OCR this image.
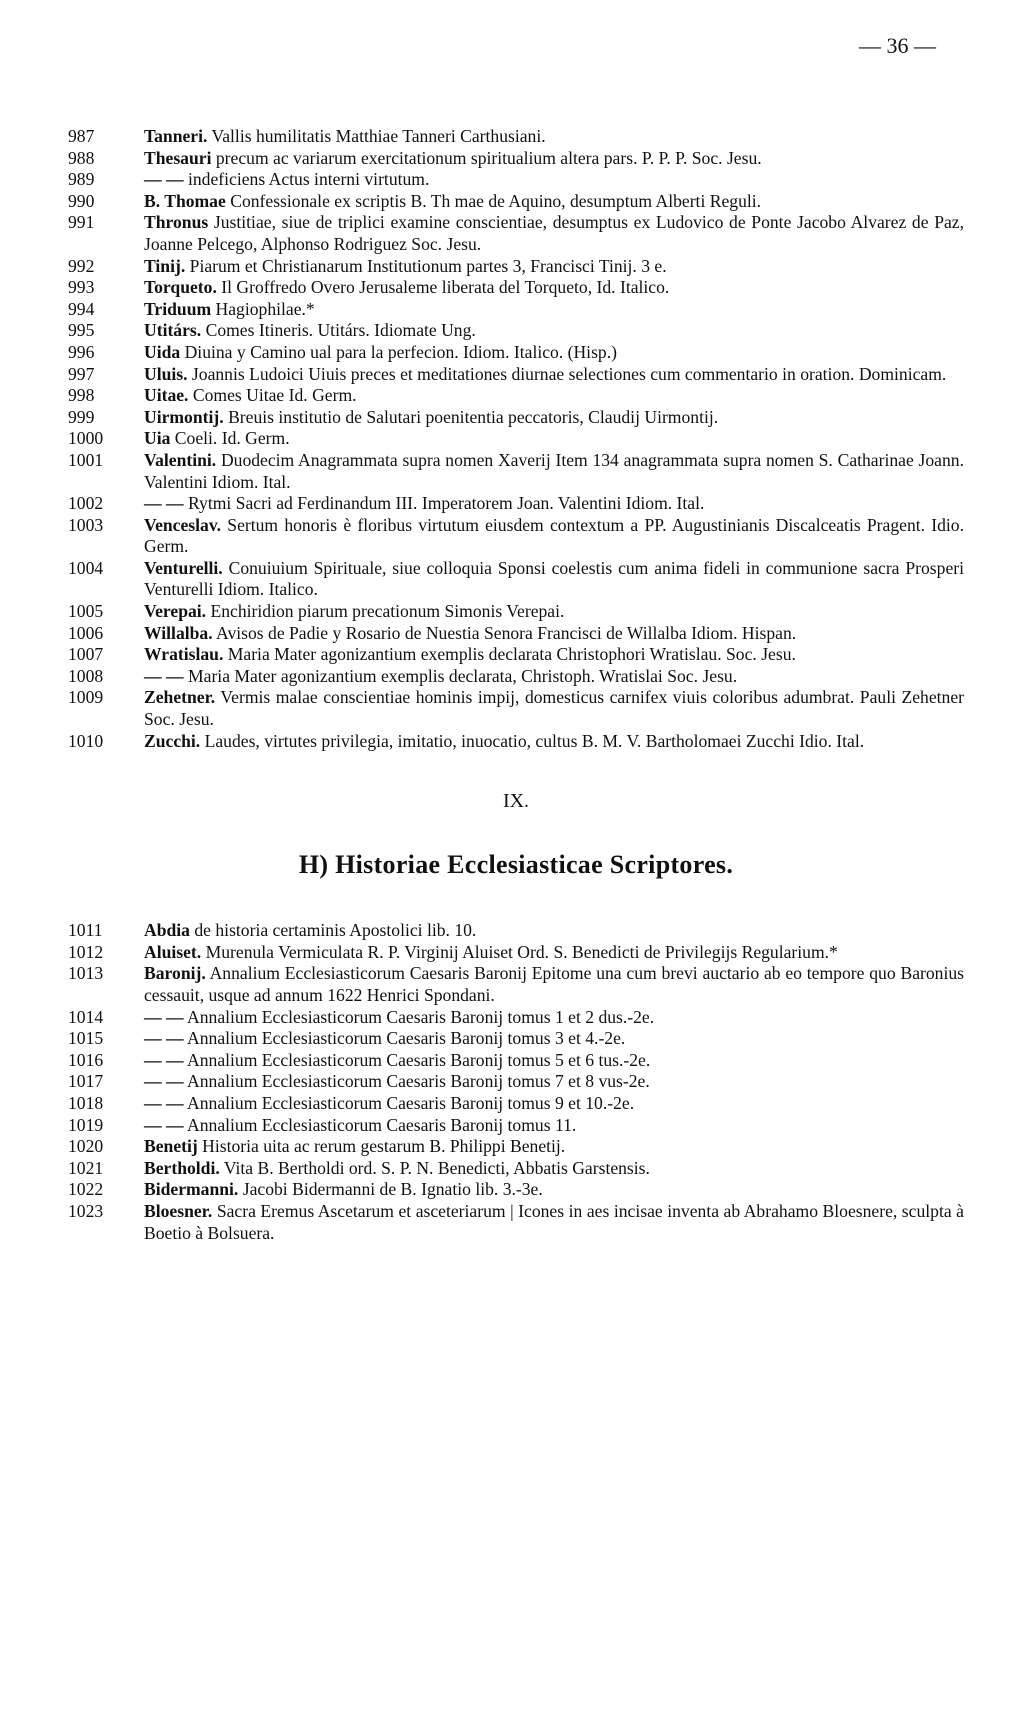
— 36 —
987	Tanneri. Vallis humilitatis Matthiae Tanneri Carthusiani.
988	Thesauri precum ac variarum exercitationum spiritualium altera pars. P. P. P. Soc. Jesu.
989	— — indeficiens Actus interni virtutum.
990	B. Thomae Confessionale ex scriptis B. Th mae de Aquino, desumptum Alberti Reguli.
991	Thronus Justitiae, siue de triplici examine conscientiae, desumptus ex Ludovico de Ponte Jacobo Alvarez de Paz, Joanne Pelcego, Alphonso Rodriguez Soc. Jesu.
992	Tinij. Piarum et Christianarum Institutionum partes 3, Francisci Tinij. 3 e.
993	Torqueto. Il Groffredo Overo Jerusaleme liberata del Torqueto, Id. Italico.
994	Triduum Hagiophilae.*
995	Utitárs. Comes Itineris. Utitárs. Idiomate Ung.
996	Uida Diuina y Camino ual para la perfecion. Idiom. Italico. (Hisp.)
997	Uluis. Joannis Ludoici Uiuis preces et meditationes diurnae selectiones cum commentario in oration. Dominicam.
998	Uitae. Comes Uitae Id. Germ.
999	Uirmontij. Breuis institutio de Salutari poenitentia peccatoris, Claudij Uirmontij.
1000	Uia Coeli. Id. Germ.
1001	Valentini. Duodecim Anagrammata supra nomen Xaverij Item 134 anagrammata supra nomen S. Catharinae Joann. Valentini Idiom. Ital.
1002	— — Rytmi Sacri ad Ferdinandum III. Imperatorem Joan. Valentini Idiom. Ital.
1003	Venceslav. Sertum honoris è floribus virtutum eiusdem contextum a PP. Augustinianis Discalceatis Pragent. Idio. Germ.
1004	Venturelli. Conuiuium Spirituale, siue colloquia Sponsi coelestis cum anima fideli in communione sacra Prosperi Venturelli Idiom. Italico.
1005	Verepai. Enchiridion piarum precationum Simonis Verepai.
1006	Willalba. Avisos de Padie y Rosario de Nuestia Senora Francisci de Willalba Idiom. Hispan.
1007	Wratislau. Maria Mater agonizantium exemplis declarata Christophori Wratislau. Soc. Jesu.
1008	— — Maria Mater agonizantium exemplis declarata, Christoph. Wratislai Soc. Jesu.
1009	Zehetner. Vermis malae conscientiae hominis impij, domesticus carnifex viuis coloribus adumbrat. Pauli Zehetner Soc. Jesu.
1010	Zucchi. Laudes, virtutes privilegia, imitatio, inuocatio, cultus B. M. V. Bartholomaei Zucchi Idio. Ital.
IX.
H) Historiae Ecclesiasticae Scriptores.
1011	Abdia de historia certaminis Apostolici lib. 10.
1012	Aluiset. Murenula Vermiculata R. P. Virginij Aluiset Ord. S. Benedicti de Privilegijs Regularium.*
1013	Baronij. Annalium Ecclesiasticorum Caesaris Baronij Epitome una cum brevi auctario ab eo tempore quo Baronius cessauit, usque ad annum 1622 Henrici Spondani.
1014	— — Annalium Ecclesiasticorum Caesaris Baronij tomus 1 et 2 dus.-2e.
1015	— — Annalium Ecclesiasticorum Caesaris Baronij tomus 3 et 4.-2e.
1016	— — Annalium Ecclesiasticorum Caesaris Baronij tomus 5 et 6 tus.-2e.
1017	— — Annalium Ecclesiasticorum Caesaris Baronij tomus 7 et 8 vus-2e.
1018	— — Annalium Ecclesiasticorum Caesaris Baronij tomus 9 et 10.-2e.
1019	— — Annalium Ecclesiasticorum Caesaris Baronij tomus 11.
1020	Benetij Historia uita ac rerum gestarum B. Philippi Benetij.
1021	Bertholdi. Vita B. Bertholdi ord. S. P. N. Benedicti, Abbatis Garstensis.
1022	Bidermanni. Jacobi Bidermanni de B. Ignatio lib. 3.-3e.
1023	Bloesner. Sacra Eremus Ascetarum et asceteriarum | Icones in aes incisae inventa ab Abrahamo Bloesnere, sculpta à Boetio à Bolsuera.
